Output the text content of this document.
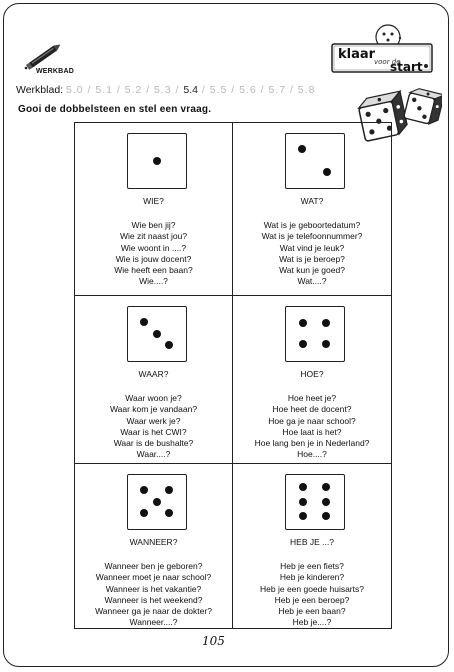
WERKBAD
klaar
voor de
start
Werkblad: 5.0 / 5.1 / 5.2 / 5.3 / 5.4 / 5.5 / 5.6 / 5.7 / 5.8
Gooi de dobbelsteen en stel een vraag.
105
WIE?
Wie ben jij?
Wie zit naast jou?
Wie woont in ....?
Wie is jouw docent?
Wie heeft een baan?
Wie....?
WAT?
Wat is je geboortedatum?
Wat is je telefoonnummer?
Wat vind je leuk?
Wat is je beroep?
Wat kun je goed?
Wat....?
WAAR?
Waar woon je?
Waar kom je vandaan?
Waar werk je?
Waar is het CWI?
Waar is de bushalte?
Waar....?
HOE?
Hoe heet je?
Hoe heet de docent?
Hoe ga je naar school?
Hoe laat is het?
Hoe lang ben je in Nederland?
Hoe....?
WANNEER?
Wanneer ben je geboren?
Wanneer moet je naar school?
Wanneer is het vakantie?
Wanneer is het weekend?
Wanneer ga je naar de dokter?
Wanneer....?
HEB JE ...?
Heb je een fiets?
Heb je kinderen?
Heb je een goede huisarts?
Heb je een beroep?
Heb je een baan?
Heb je....?
